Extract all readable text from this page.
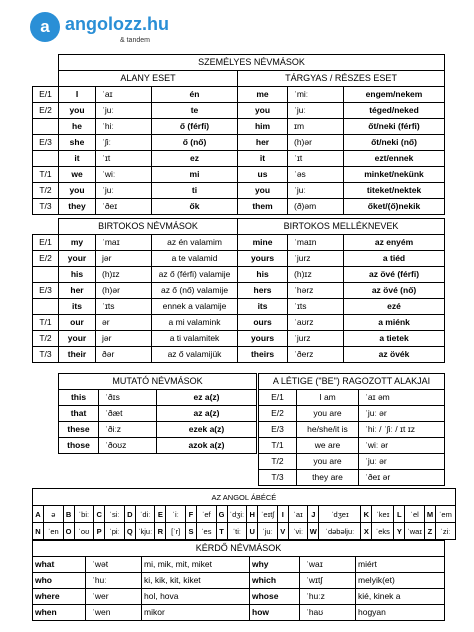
a angolozz.hu
& tandem
	SZEMÉLYES NÉVMÁSOK					
	ALANY ESET			TÁRGYAS / RÉSZES ESET		
E/1	I	ˈaɪ	én	me	ˈmiː	engem/nekem
E/2	you	ˈjuː	te	you	ˈjuː	téged/neked
	he	ˈhiː	ő (férfi)	him	ɪm	őt/neki (férfi)
E/3	she	ˈʃiː	ő (nő)	her	(h)ər	őt/neki (nő)
	it	ˈɪt	ez	it	ˈɪt	ezt/ennek
T/1	we	ˈwiː	mi	us	ˈəs	minket/nekünk
T/2	you	ˈjuː	ti	you	ˈjuː	titeket/nektek
T/3	they	ˈðeɪ	ők	them	(ð)əm	őket/(ő)nekik
	BIRTOKOS NÉVMÁSOK			BIRTOKOS MELLÉKNEVEK		
E/1	my	ˈmaɪ	az én valamim	mine	ˈmaɪn	az enyém
E/2	your	jər	a te valamid	yours	ˈjurz	a tiéd
	his	(h)ɪz	az ő (férfi) valamije	his	(h)ɪz	az övé (férfi)
E/3	her	(h)ər	az ő (nő) valamije	hers	ˈhərz	az övé (nő)
	its	ˈɪts	ennek a valamije	its	ˈɪts	ezé
T/1	our	ər	a mi valamink	ours	ˈaʊrz	a miénk
T/2	your	jər	a ti valamitek	yours	ˈjurz	a tietek
T/3	their	ðər	az ő valamijük	theirs	ˈðerz	az övék
MUTATÓ NÉVMÁSOK		
this	ˈðɪs	ez a(z)
that	ˈðæt	az a(z)
these	ˈðiːz	ezek a(z)
those	ˈðoʊz	azok a(z)
A LÉTIGE ("BE") RAGOZOTT ALAKJAI		
E/1	I am	ˈaɪ əm
E/2	you are	ˈjuː ər
E/3	he/she/it is	ˈhiː / ˈʃiː / ɪt ɪz
T/1	we are	ˈwiː ər
T/2	you are	ˈjuː ər
T/3	they are	ˈðeɪ ər
AZ ANGOL ÁBÉCÉ																									
A	ə	B	ˈbiː	C	ˈsiː	D	ˈdiː	E	ˈiː	F	ˈef	G	ˈdʒiː	H	ˈeɪtʃ	I	ˈaɪ	J	ˈdʒeɪ	K	ˈkeɪ	L	ˈel	M	ˈem
N	ˈen	O	ˈoʊ	P	ˈpiː	Q	ˈkjuː	R	[ˈr]	S	ˈes	T	ˈtiː	U	ˈjuː	V	ˈviː	W	ˈdəbəljuː	X	ˈeks	Y	ˈwaɪ	Z	ˈziː
KÉRDŐ NÉVMÁSOK					
what	ˈwət	mi, mik, mit, miket	why	ˈwaɪ	miért
who	ˈhuː	ki, kik, kit, kiket	which	ˈwɪtʃ	melyik(et)
where	ˈwer	hol, hova	whose	ˈhuːz	kié, kinek a
when	ˈwen	mikor	how	ˈhaʊ	hogyan
